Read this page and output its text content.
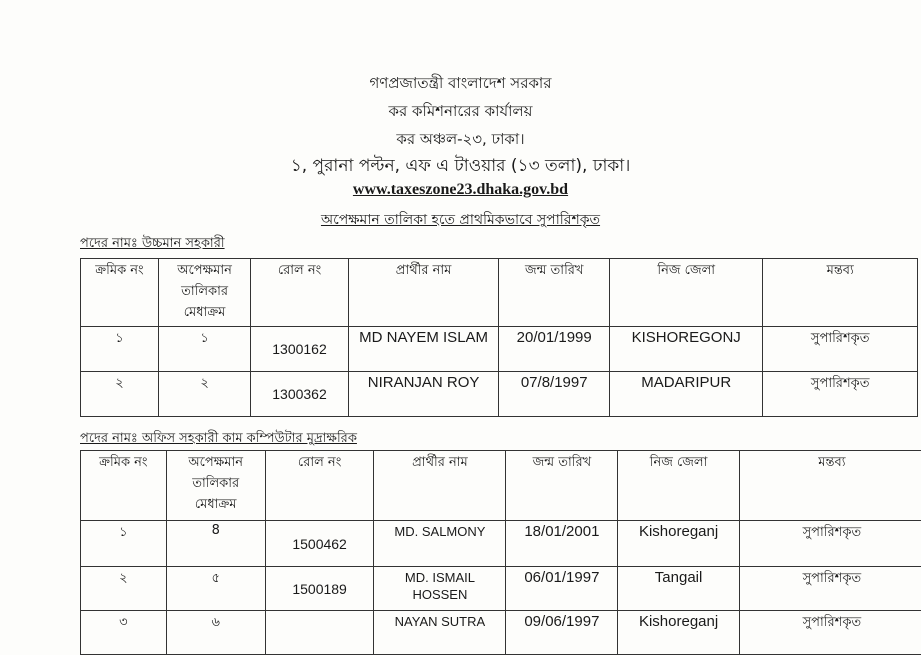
গণপ্রজাতন্ত্রী বাংলাদেশ সরকার
কর কমিশনারের কার্যালয়
কর অঞ্চল-২৩, ঢাকা।
১, পুরানা পল্টন, এফ এ টাওয়ার (১৩ তলা), ঢাকা।
www.taxeszone23.dhaka.gov.bd
অপেক্ষমান তালিকা হতে প্রাথমিকভাবে সুপারিশকৃত
পদের নামঃ উচ্চমান সহকারী
ক্রমিক নং	অপেক্ষমান তালিকার মেধাক্রম	রোল নং	প্রার্থীর নাম	জন্ম তারিখ	নিজ জেলা	মন্তব্য
১	১	1300162	MD NAYEM ISLAM	20/01/1999	KISHOREGONJ	সুপারিশকৃত
২	২	1300362	NIRANJAN ROY	07/8/1997	MADARIPUR	সুপারিশকৃত
পদের নামঃ অফিস সহকারী কাম কম্পিউটার মুদ্রাক্ষরিক
ক্রমিক নং	অপেক্ষমান তালিকার মেধাক্রম	রোল নং	প্রার্থীর নাম	জন্ম তারিখ	নিজ জেলা	মন্তব্য
১	8	1500462	MD. SALMONY	18/01/2001	Kishoreganj	সুপারিশকৃত
২	৫	1500189	MD. ISMAIL HOSSEN	06/01/1997	Tangail	সুপারিশকৃত
৩	৬		NAYAN SUTRA	09/06/1997	Kishoreganj	সুপারিশকৃত
